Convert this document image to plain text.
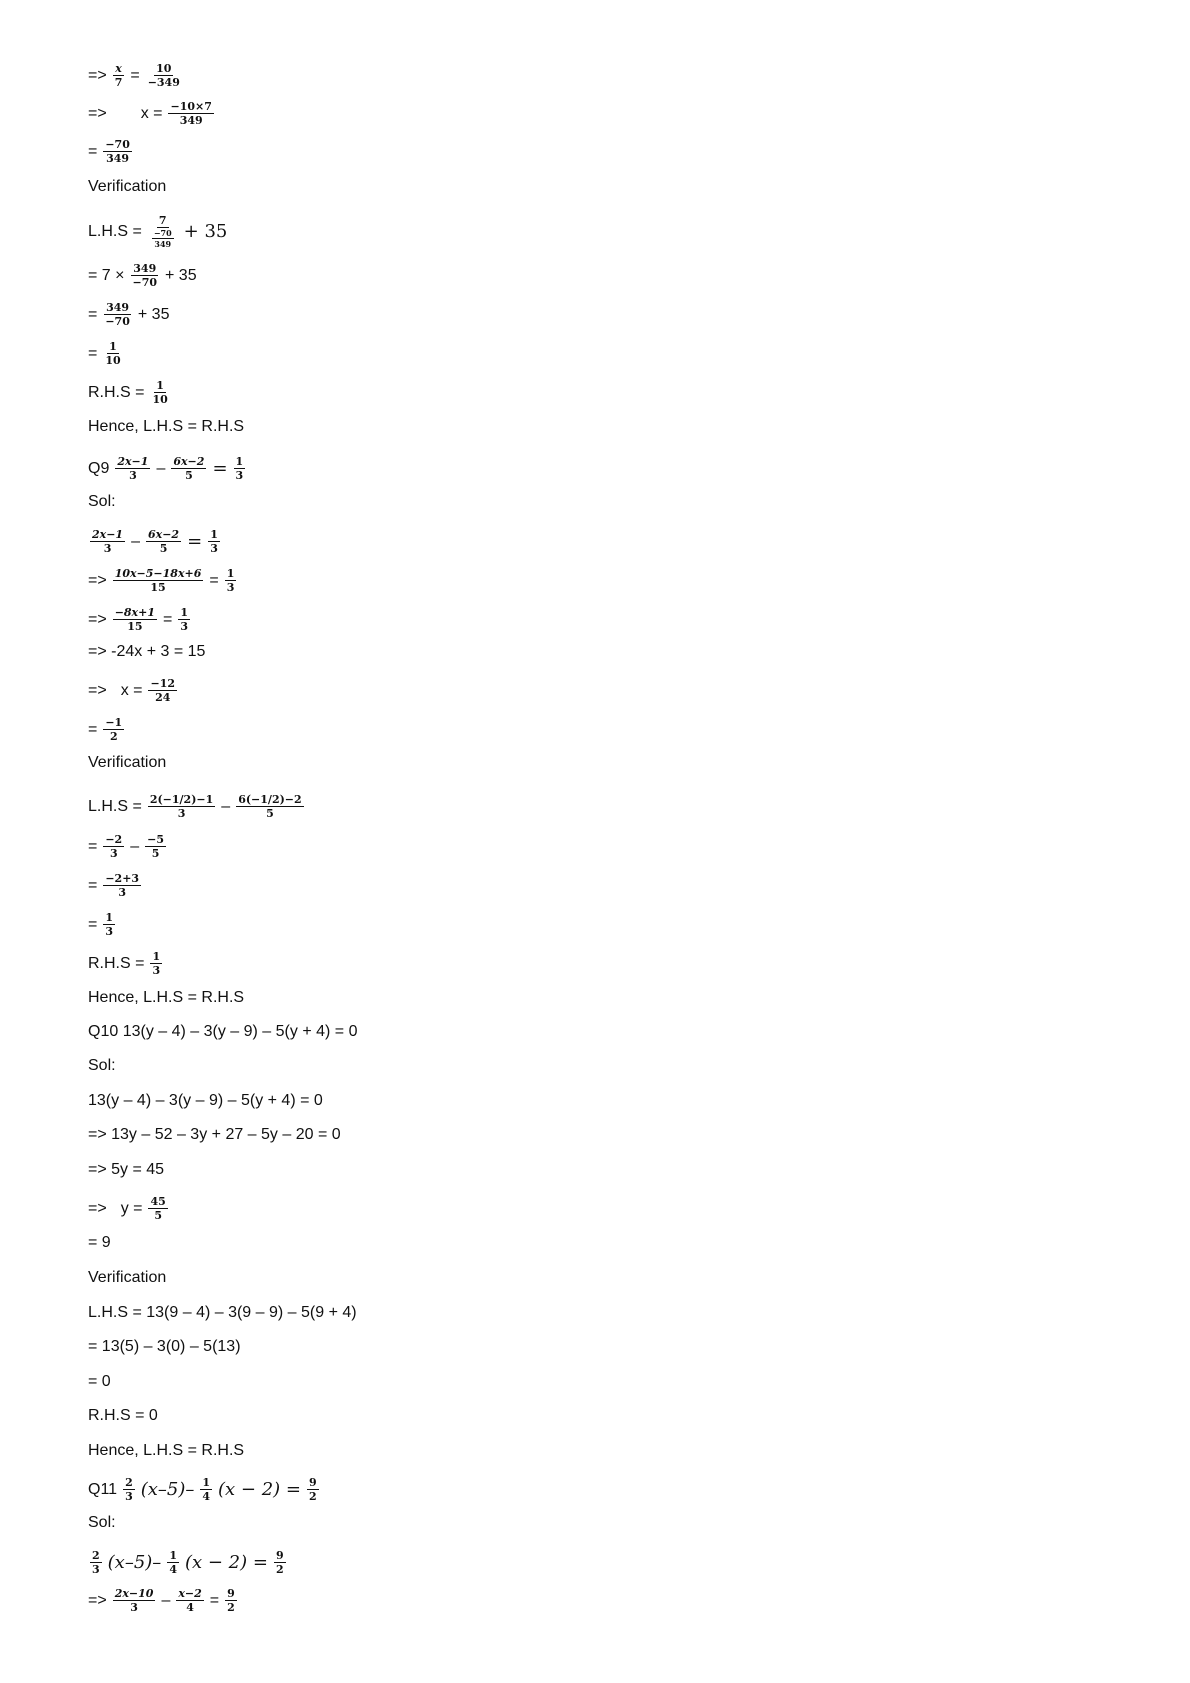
=> $\frac{x}{7} = \frac{10}{-349}$
=> $x = \frac{-10\times 7}{349}$
= $\frac{-70}{349}$
Verification
$L.H.S = \frac{7}{\frac{-70}{349}} + 35$
= $7 \times \frac{349}{-70} + 35$
= $\frac{349}{-70} + 35$
= $\frac{1}{10}$
$R.H.S = \frac{1}{10}$
Hence, L.H.S = R.H.S
$Q9 \frac{2x-1}{3} - \frac{6x-2}{5} = \frac{1}{3}$
Sol:
$\frac{2x-1}{3} - \frac{6x-2}{5} = \frac{1}{3}$
=> $\frac{10x-5-18x+6}{15} = \frac{1}{3}$
=> $\frac{-8x+1}{15} = \frac{1}{3}$
=> -24x + 3 = 15
=> $x = \frac{-12}{24}$
= $\frac{-1}{2}$
Verification
$L.H.S = \frac{2(-1/2)-1}{3} - \frac{6(-1/2)-2}{5}$
= $\frac{-2}{3} - \frac{-5}{5}$
= $\frac{-2+3}{3}$
= $\frac{1}{3}$
$R.H.S = \frac{1}{3}$
Hence, L.H.S = R.H.S
Q10 13(y – 4) – 3(y – 9) – 5(y + 4) = 0
Sol:
13(y – 4) – 3(y – 9) – 5(y + 4) = 0
=> 13y – 52 – 3y + 27 – 5y – 20 = 0
=> 5y = 45
=> $y = \frac{45}{5}$
= 9
Verification
L.H.S = 13(9 – 4) – 3(9 – 9) – 5(9 + 4)
= 13(5) – 3(0) – 5(13)
= 0
R.H.S = 0
Hence, L.H.S = R.H.S
$Q11 \frac{2}{3} (x-5)- \frac{1}{4} (x - 2) = \frac{9}{2}$
Sol:
$\frac{2}{3} (x-5)- \frac{1}{4} (x - 2) = \frac{9}{2}$
=> $\frac{2x-10}{3} - \frac{x-2}{4} = \frac{9}{2}$
